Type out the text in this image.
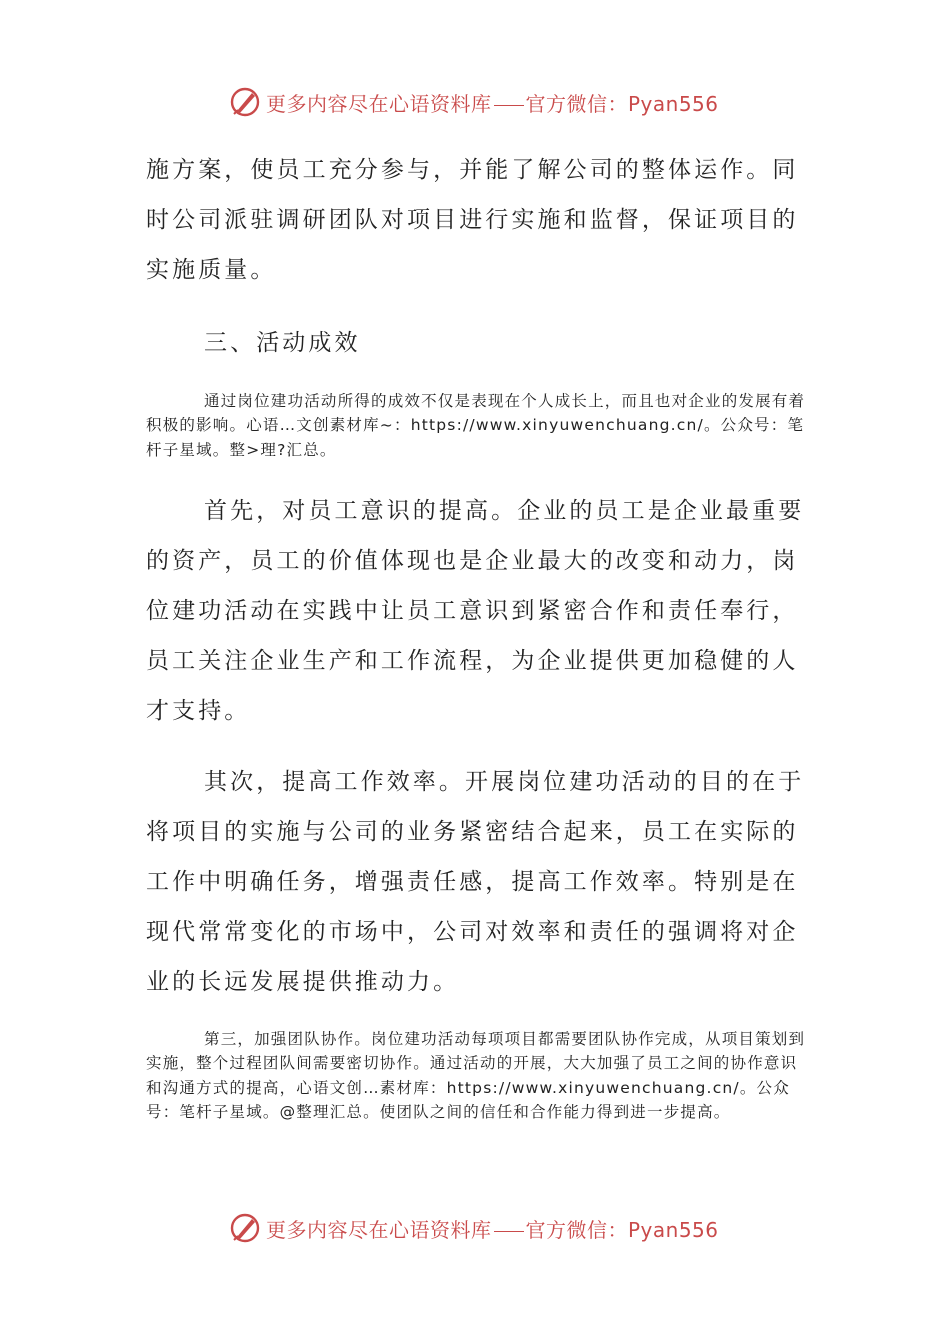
更多内容尽在心语资料库 官方微信：Pyan556

施方案，使员工充分参与，并能了解公司的整体运作。同时公司派驻调研团队对项目进行实施和监督，保证项目的实施质量。

三、活动成效

通过岗位建功活动所得的成效不仅是表现在个人成长上，而且也对企业的发展有着积极的影响。心语…文创素材库~：https://www.xinyuwenchuang.cn/。公众号：笔杆子星域。整>理?汇总。

首先，对员工意识的提高。企业的员工是企业最重要的资产，员工的价值体现也是企业最大的改变和动力，岗位建功活动在实践中让员工意识到紧密合作和责任奉行，员工关注企业生产和工作流程，为企业提供更加稳健的人才支持。

其次，提高工作效率。开展岗位建功活动的目的在于将项目的实施与公司的业务紧密结合起来，员工在实际的工作中明确任务，增强责任感，提高工作效率。特别是在现代常常变化的市场中，公司对效率和责任的强调将对企业的长远发展提供推动力。

第三，加强团队协作。岗位建功活动每项项目都需要团队协作完成，从项目策划到实施，整个过程团队间需要密切协作。通过活动的开展，大大加强了员工之间的协作意识和沟通方式的提高，心语文创…素材库：https://www.xinyuwenchuang.cn/。公众号：笔杆子星域。@整理汇总。使团队之间的信任和合作能力得到进一步提高。

更多内容尽在心语资料库 官方微信：Pyan556
